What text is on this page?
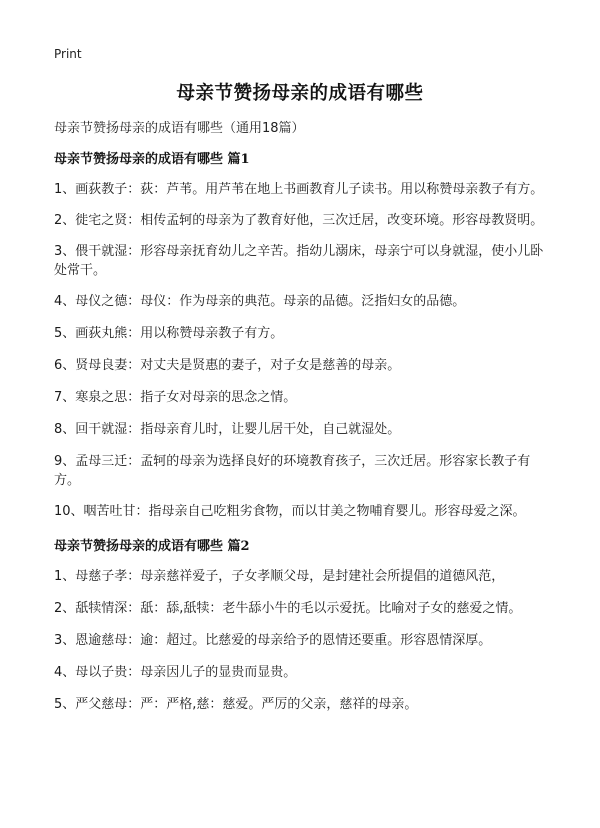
Print
母亲节赞扬母亲的成语有哪些

母亲节赞扬母亲的成语有哪些（通用18篇）

母亲节赞扬母亲的成语有哪些 篇1

1、画荻教子：荻：芦苇。用芦苇在地上书画教育儿子读书。用以称赞母亲教子有方。

2、徙宅之贤：相传孟轲的母亲为了教育好他，三次迁居，改变环境。形容母教贤明。

3、偎干就湿：形容母亲抚育幼儿之辛苦。指幼儿溺床，母亲宁可以身就湿，使小儿卧处常干。

4、母仪之德：母仪：作为母亲的典范。母亲的品德。泛指妇女的品德。

5、画荻丸熊：用以称赞母亲教子有方。

6、贤母良妻：对丈夫是贤惠的妻子，对子女是慈善的母亲。

7、寒泉之思：指子女对母亲的思念之情。

8、回干就湿：指母亲育儿时，让婴儿居干处，自己就湿处。

9、孟母三迁：孟轲的母亲为选择良好的环境教育孩子，三次迁居。形容家长教子有方。

10、咽苦吐甘：指母亲自己吃粗劣食物，而以甘美之物哺育婴儿。形容母爱之深。

母亲节赞扬母亲的成语有哪些 篇2

1、母慈子孝：母亲慈祥爱子，子女孝顺父母，是封建社会所提倡的道德风范，

2、舐犊情深：舐：舔,舐犊：老牛舔小牛的毛以示爱抚。比喻对子女的慈爱之情。

3、恩逾慈母：逾：超过。比慈爱的母亲给予的恩情还要重。形容恩情深厚。

4、母以子贵：母亲因儿子的显贵而显贵。

5、严父慈母：严：严格,慈：慈爱。严厉的父亲，慈祥的母亲。
